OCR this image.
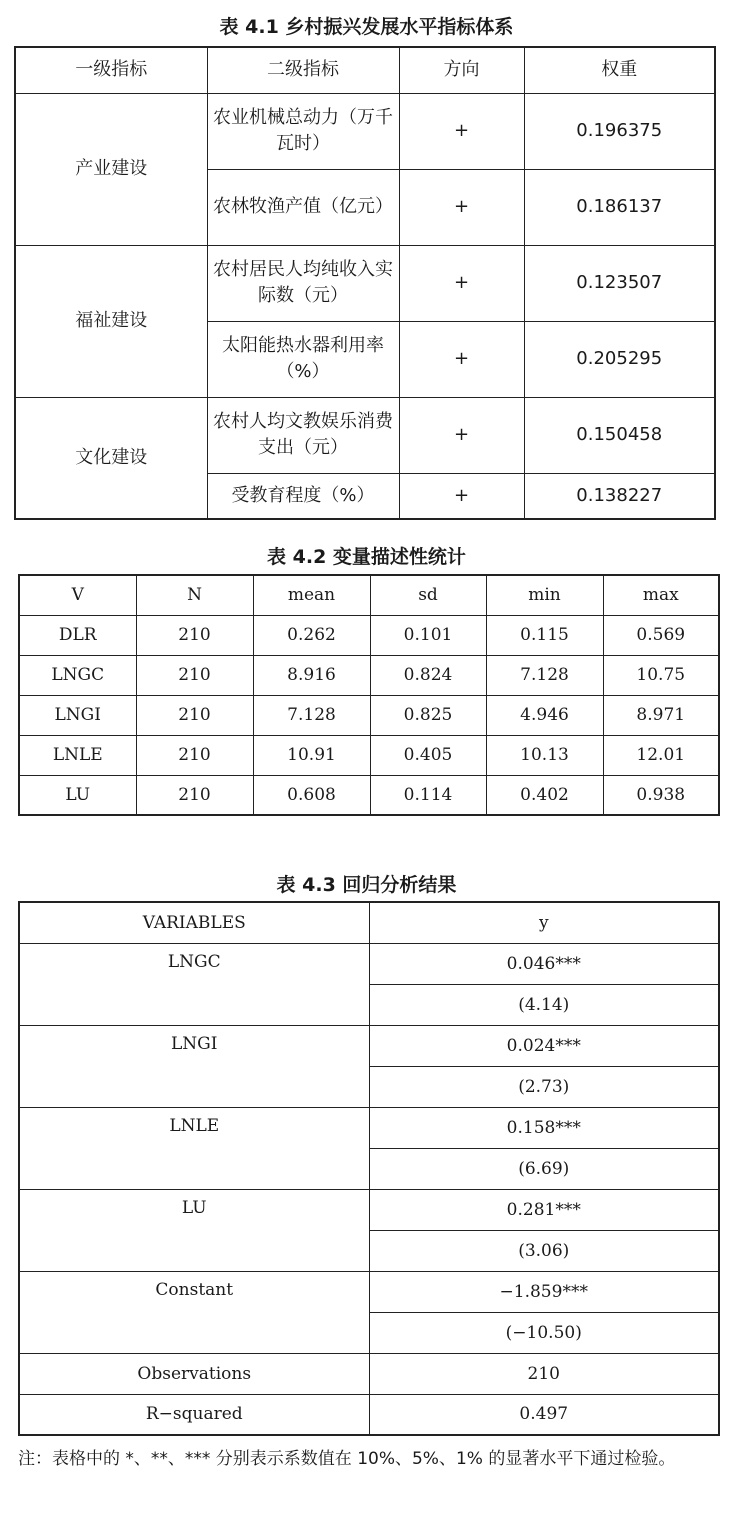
表 4.1 乡村振兴发展水平指标体系
一级指标	二级指标	方向	权重
产业建设	农业机械总动力（万千瓦时）	+	0.196375
	农林牧渔产值（亿元）	+	0.186137
福祉建设	农村居民人均纯收入实际数（元）	+	0.123507
	太阳能热水器利用率（%）	+	0.205295
文化建设	农村人均文教娱乐消费支出（元）	+	0.150458
	受教育程度（%）	+	0.138227
表 4.2 变量描述性统计
V	N	mean	sd	min	max
DLR	210	0.262	0.101	0.115	0.569
LNGC	210	8.916	0.824	7.128	10.75
LNGI	210	7.128	0.825	4.946	8.971
LNLE	210	10.91	0.405	10.13	12.01
LU	210	0.608	0.114	0.402	0.938
表 4.3 回归分析结果
VARIABLES	y
LNGC	0.046***
	(4.14)
LNGI	0.024***
	(2.73)
LNLE	0.158***
	(6.69)
LU	0.281***
	(3.06)
Constant	−1.859***
	(−10.50)
Observations	210
R−squared	0.497
注：表格中的 *、**、*** 分别表示系数值在 10%、5%、1% 的显著水平下通过检验。
